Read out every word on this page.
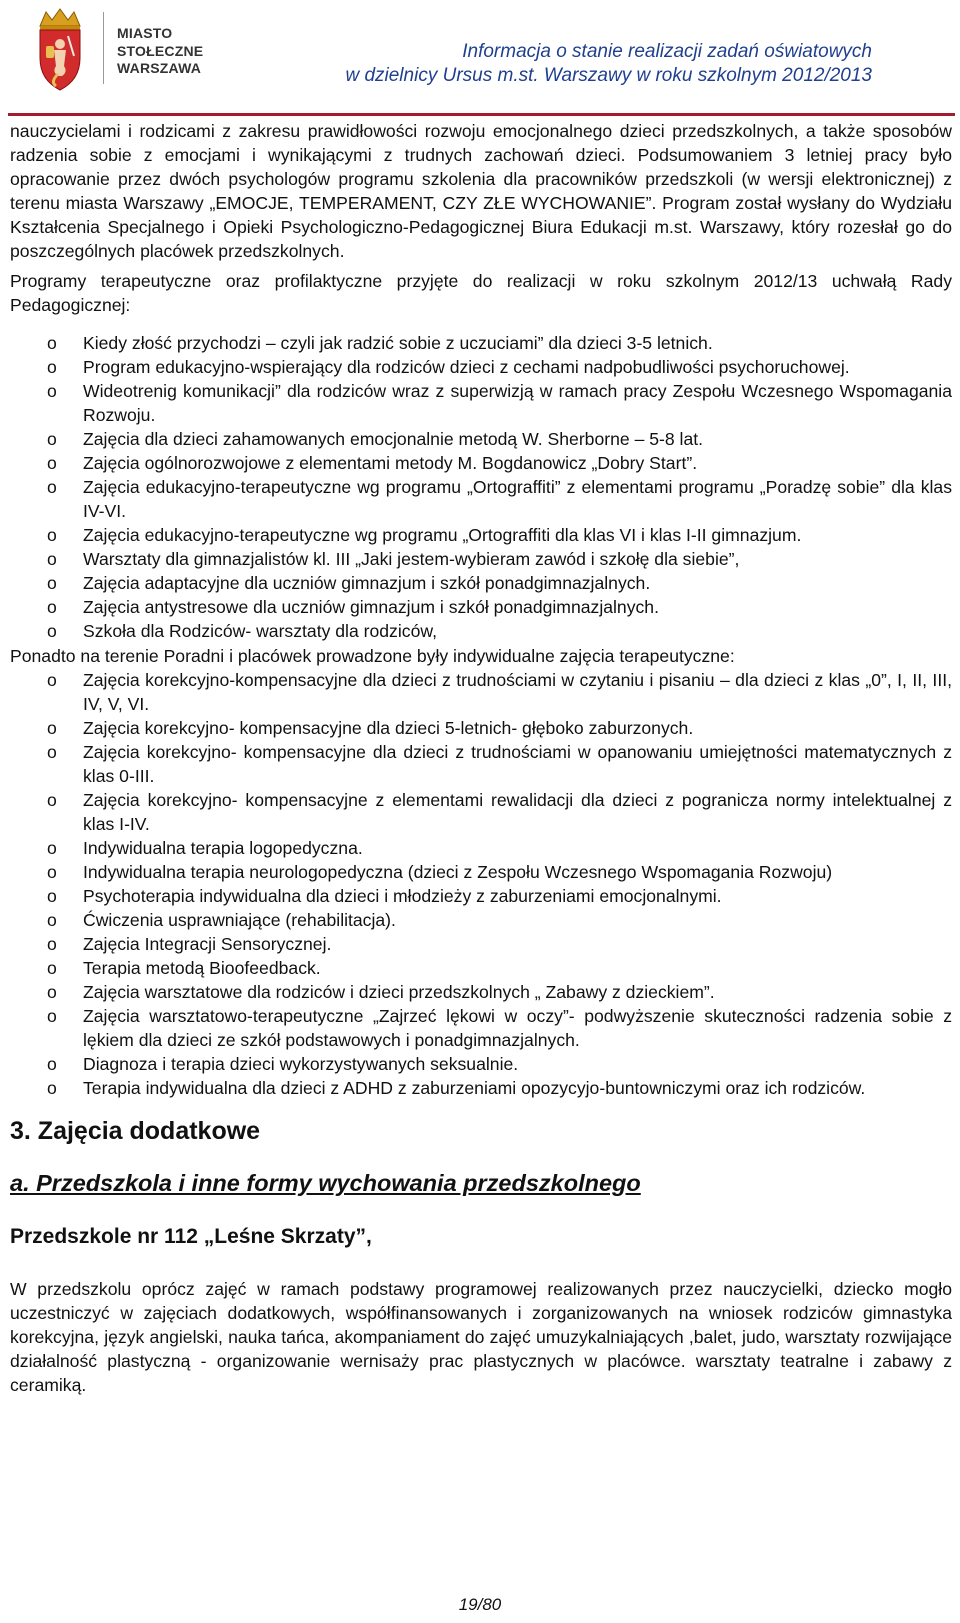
MIASTO
STOŁECZNE
WARSZAWA
Informacja o stanie realizacji zadań oświatowych
w dzielnicy Ursus m.st. Warszawy w roku szkolnym 2012/2013

nauczycielami i rodzicami z zakresu prawidłowości rozwoju emocjonalnego dzieci przedszkolnych, a także sposobów radzenia sobie z emocjami i wynikającymi z trudnych zachowań dzieci. Podsumowaniem 3 letniej pracy było opracowanie przez dwóch psychologów programu szkolenia dla pracowników przedszkoli (w wersji elektronicznej) z terenu miasta Warszawy „EMOCJE, TEMPERAMENT, CZY ZŁE WYCHOWANIE”. Program został wysłany do Wydziału Kształcenia Specjalnego i Opieki Psychologiczno-Pedagogicznej Biura Edukacji m.st. Warszawy, który rozesłał go do poszczególnych placówek przedszkolnych.

Programy terapeutyczne oraz profilaktyczne przyjęte do realizacji w roku szkolnym 2012/13 uchwałą Rady Pedagogicznej:

o Kiedy złość przychodzi – czyli jak radzić sobie z uczuciami” dla dzieci 3-5 letnich.
o Program edukacyjno-wspierający dla rodziców dzieci z cechami nadpobudliwości psychoruchowej.
o Wideotrenig komunikacji” dla rodziców wraz z superwizją w ramach pracy Zespołu Wczesnego Wspomagania Rozwoju.
o Zajęcia dla dzieci zahamowanych emocjonalnie metodą W. Sherborne – 5-8 lat.
o Zajęcia ogólnorozwojowe z elementami metody M. Bogdanowicz „Dobry Start”.
o Zajęcia edukacyjno-terapeutyczne wg programu „Ortograffiti” z elementami programu „Poradzę sobie” dla klas IV-VI.
o Zajęcia edukacyjno-terapeutyczne wg programu „Ortograffiti dla klas VI i klas I-II gimnazjum.
o Warsztaty dla gimnazjalistów kl. III „Jaki jestem-wybieram zawód i szkołę dla siebie”,
o Zajęcia adaptacyjne dla uczniów gimnazjum i szkół ponadgimnazjalnych.
o Zajęcia antystresowe dla uczniów gimnazjum i szkół ponadgimnazjalnych.
o Szkoła dla Rodziców- warsztaty dla rodziców,

Ponadto na terenie Poradni i placówek prowadzone były indywidualne zajęcia terapeutyczne:

o Zajęcia korekcyjno-kompensacyjne dla dzieci z trudnościami w czytaniu i pisaniu – dla dzieci z klas „0”, I, II, III, IV, V, VI.
o Zajęcia korekcyjno- kompensacyjne dla dzieci 5-letnich- głęboko zaburzonych.
o Zajęcia korekcyjno- kompensacyjne dla dzieci z trudnościami w opanowaniu umiejętności matematycznych z klas 0-III.
o Zajęcia korekcyjno- kompensacyjne z elementami rewalidacji dla dzieci z pogranicza normy intelektualnej z klas I-IV.
o Indywidualna terapia logopedyczna.
o Indywidualna terapia neurologopedyczna (dzieci z Zespołu Wczesnego Wspomagania Rozwoju)
o Psychoterapia indywidualna dla dzieci i młodzieży z zaburzeniami emocjonalnymi.
o Ćwiczenia usprawniające (rehabilitacja).
o Zajęcia Integracji Sensorycznej.
o Terapia metodą Bioofeedback.
o Zajęcia warsztatowe dla rodziców i dzieci przedszkolnych „ Zabawy z dzieckiem”.
o Zajęcia warsztatowo-terapeutyczne „Zajrzeć lękowi w oczy”- podwyższenie skuteczności radzenia sobie z lękiem dla dzieci ze szkół podstawowych i ponadgimnazjalnych.
o Diagnoza i terapia dzieci wykorzystywanych seksualnie.
o Terapia indywidualna dla dzieci z ADHD z zaburzeniami opozycyjo-buntowniczymi oraz ich rodziców.
3. Zajęcia dodatkowe
a. Przedszkola i inne formy wychowania przedszkolnego
Przedszkole nr 112 „Leśne Skrzaty”,

W przedszkolu oprócz zajęć w ramach podstawy programowej realizowanych przez nauczycielki, dziecko mogło uczestniczyć w zajęciach dodatkowych, współfinansowanych i zorganizowanych na wniosek rodziców gimnastyka korekcyjna, język angielski, nauka tańca, akompaniament do zajęć umuzykalniających ,balet, judo, warsztaty rozwijające działalność plastyczną - organizowanie wernisaży prac plastycznych w placówce. warsztaty teatralne i zabawy z ceramiką.

19/80
